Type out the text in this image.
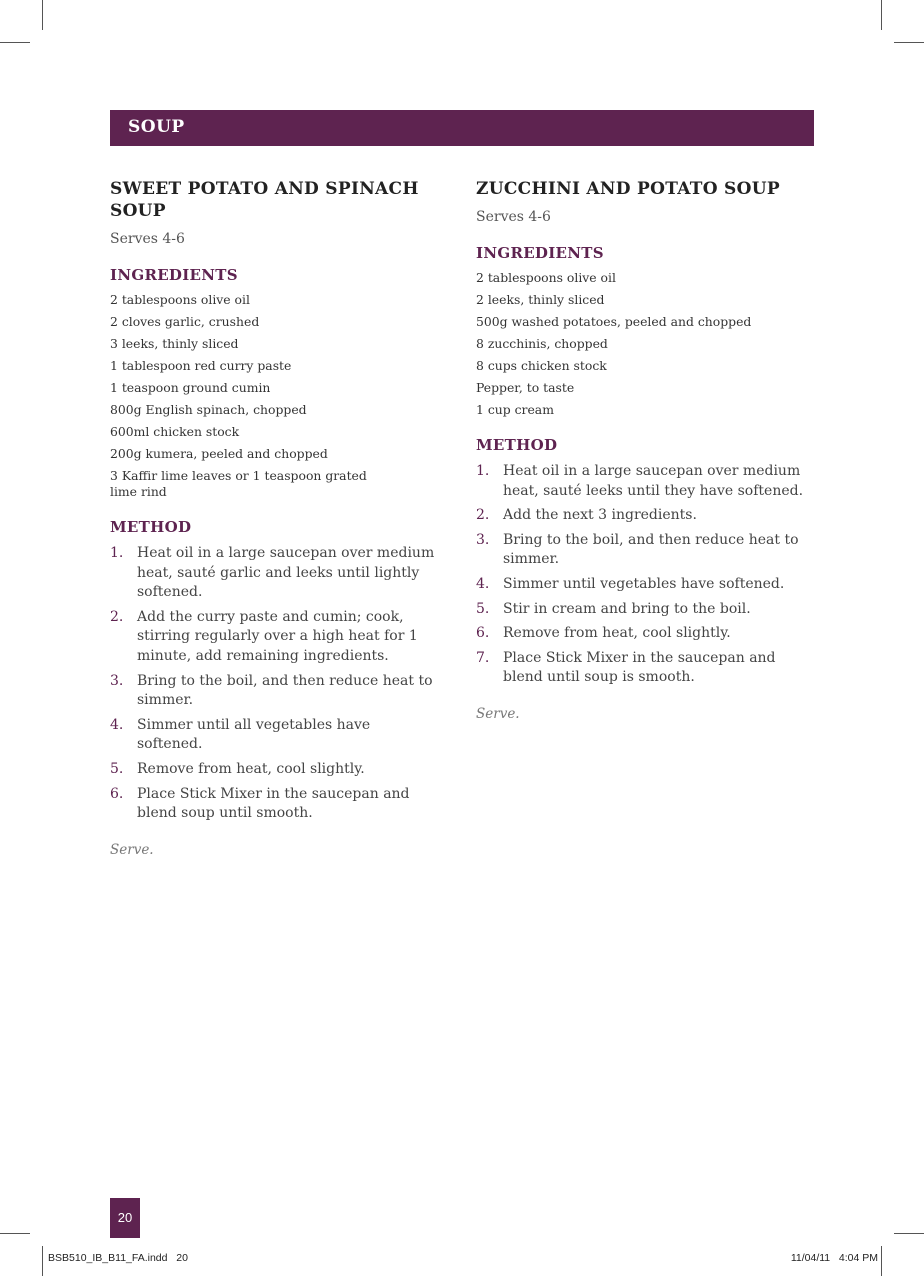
SOUP
SWEET POTATO AND SPINACH SOUP

Serves 4-6

INGREDIENTS
2 tablespoons olive oil
2 cloves garlic, crushed
3 leeks, thinly sliced
1 tablespoon red curry paste
1 teaspoon ground cumin
800g English spinach, chopped
600ml chicken stock
200g kumera, peeled and chopped
3 Kaffir lime leaves or 1 teaspoon grated lime rind
METHOD
1. Heat oil in a large saucepan over medium heat, sauté garlic and leeks until lightly softened.
2. Add the curry paste and cumin; cook, stirring regularly over a high heat for 1 minute, add remaining ingredients.
3. Bring to the boil, and then reduce heat to simmer.
4. Simmer until all vegetables have softened.
5. Remove from heat, cool slightly.
6. Place Stick Mixer in the saucepan and blend soup until smooth.
Serve.
ZUCCHINI AND POTATO SOUP

Serves 4-6

INGREDIENTS
2 tablespoons olive oil
2 leeks, thinly sliced
500g washed potatoes, peeled and chopped
8 zucchinis, chopped
8 cups chicken stock
Pepper, to taste
1 cup cream
METHOD
1. Heat oil in a large saucepan over medium heat, sauté leeks until they have softened.
2. Add the next 3 ingredients.
3. Bring to the boil, and then reduce heat to simmer.
4. Simmer until vegetables have softened.
5. Stir in cream and bring to the boil.
6. Remove from heat, cool slightly.
7. Place Stick Mixer in the saucepan and blend until soup is smooth.
Serve.
20
BSB510_IB_B11_FA.indd   20	11/04/11   4:04 PM
